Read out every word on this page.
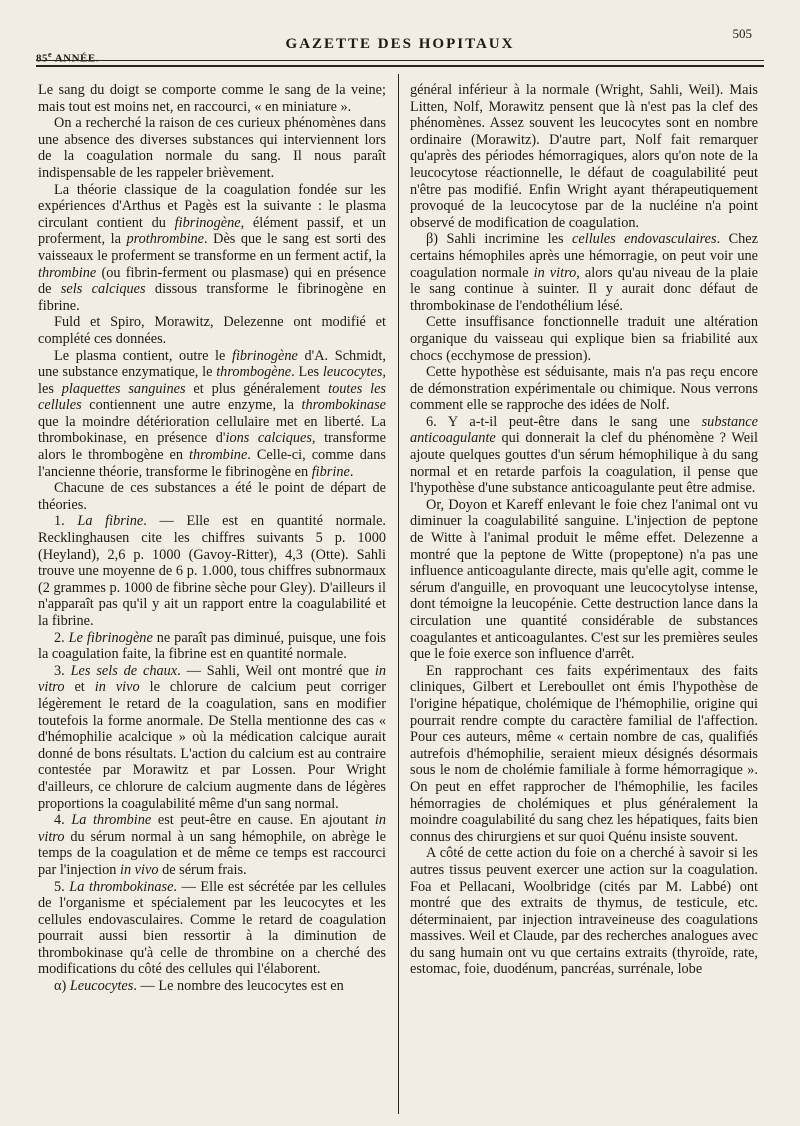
85e ANNÉE.
GAZETTE DES HOPITAUX
505

Le sang du doigt se comporte comme le sang de la veine; mais tout est moins net, en raccourci, « en miniature ».

On a recherché la raison de ces curieux phénomènes dans une absence des diverses substances qui interviennent lors de la coagulation normale du sang. Il nous paraît indispensable de les rappeler brièvement.

La théorie classique de la coagulation fondée sur les expériences d'Arthus et Pagès est la suivante : le plasma circulant contient du fibrinogène, élément passif, et un proferment, la prothrombine. Dès que le sang est sorti des vaisseaux le proferment se transforme en un ferment actif, la thrombine (ou fibrin-ferment ou plasmase) qui en présence de sels calciques dissous transforme le fibrinogène en fibrine.

Fuld et Spiro, Morawitz, Delezenne ont modifié et complété ces données.

Le plasma contient, outre le fibrinogène d'A. Schmidt, une substance enzymatique, le thrombogène. Les leucocytes, les plaquettes sanguines et plus généralement toutes les cellules contiennent une autre enzyme, la thrombokinase que la moindre détérioration cellulaire met en liberté. La thrombokinase, en présence d'ions calciques, transforme alors le thrombogène en thrombine. Celle-ci, comme dans l'ancienne théorie, transforme le fibrinogène en fibrine.

Chacune de ces substances a été le point de départ de théories.

1. La fibrine. — Elle est en quantité normale. Recklinghausen cite les chiffres suivants 5 p. 1000 (Heyland), 2,6 p. 1000 (Gavoy-Ritter), 4,3 (Otte). Sahli trouve une moyenne de 6 p. 1.000, tous chiffres subnormaux (2 grammes p. 1000 de fibrine sèche pour Gley). D'ailleurs il n'apparaît pas qu'il y ait un rapport entre la coagulabilité et la fibrine.

2. Le fibrinogène ne paraît pas diminué, puisque, une fois la coagulation faite, la fibrine est en quantité normale.

3. Les sels de chaux. — Sahli, Weil ont montré que in vitro et in vivo le chlorure de calcium peut corriger légèrement le retard de la coagulation, sans en modifier toutefois la forme anormale. De Stella mentionne des cas « d'hémophilie acalcique » où la médication calcique aurait donné de bons résultats. L'action du calcium est au contraire contestée par Morawitz et par Lossen. Pour Wright d'ailleurs, ce chlorure de calcium augmente dans de légères proportions la coagulabilité même d'un sang normal.

4. La thrombine est peut-être en cause. En ajoutant in vitro du sérum normal à un sang hémophile, on abrège le temps de la coagulation et de même ce temps est raccourci par l'injection in vivo de sérum frais.

5. La thrombokinase. — Elle est sécrétée par les cellules de l'organisme et spécialement par les leucocytes et les cellules endovasculaires. Comme le retard de coagulation pourrait aussi bien ressortir à la diminution de thrombokinase qu'à celle de thrombine on a cherché des modifications du côté des cellules qui l'élaborent.

α) Leucocytes. — Le nombre des leucocytes est en

général inférieur à la normale (Wright, Sahli, Weil). Mais Litten, Nolf, Morawitz pensent que là n'est pas la clef des phénomènes. Assez souvent les leucocytes sont en nombre ordinaire (Morawitz). D'autre part, Nolf fait remarquer qu'après des périodes hémorragiques, alors qu'on note de la leucocytose réactionnelle, le défaut de coagulabilité peut n'être pas modifié. Enfin Wright ayant thérapeutiquement provoqué de la leucocytose par de la nucléine n'a point observé de modification de coagulation.

β) Sahli incrimine les cellules endovasculaires. Chez certains hémophiles après une hémorragie, on peut voir une coagulation normale in vitro, alors qu'au niveau de la plaie le sang continue à suinter. Il y aurait donc défaut de thrombokinase de l'endothélium lésé.

Cette insuffisance fonctionnelle traduit une altération organique du vaisseau qui explique bien sa friabilité aux chocs (ecchymose de pression).

Cette hypothèse est séduisante, mais n'a pas reçu encore de démonstration expérimentale ou chimique. Nous verrons comment elle se rapproche des idées de Nolf.

6. Y a-t-il peut-être dans le sang une substance anticoagulante qui donnerait la clef du phénomène ? Weil ajoute quelques gouttes d'un sérum hémophilique à du sang normal et en retarde parfois la coagulation, il pense que l'hypothèse d'une substance anticoagulante peut être admise.

Or, Doyon et Kareff enlevant le foie chez l'animal ont vu diminuer la coagulabilité sanguine. L'injection de peptone de Witte à l'animal produit le même effet. Delezenne a montré que la peptone de Witte (propeptone) n'a pas une influence anticoagulante directe, mais qu'elle agit, comme le sérum d'anguille, en provoquant une leucocytolyse intense, dont témoigne la leucopénie. Cette destruction lance dans la circulation une quantité considérable de substances coagulantes et anticoagulantes. C'est sur les premières seules que le foie exerce son influence d'arrêt.

En rapprochant ces faits expérimentaux des faits cliniques, Gilbert et Lereboullet ont émis l'hypothèse de l'origine hépatique, cholémique de l'hémophilie, origine qui pourrait rendre compte du caractère familial de l'affection. Pour ces auteurs, même « certain nombre de cas, qualifiés autrefois d'hémophilie, seraient mieux désignés désormais sous le nom de cholémie familiale à forme hémorragique ». On peut en effet rapprocher de l'hémophilie, les faciles hémorragies de cholémiques et plus généralement la moindre coagulabilité du sang chez les hépatiques, faits bien connus des chirurgiens et sur quoi Quénu insiste souvent.

A côté de cette action du foie on a cherché à savoir si les autres tissus peuvent exercer une action sur la coagulation. Foa et Pellacani, Woolbridge (cités par M. Labbé) ont montré que des extraits de thymus, de testicule, etc. déterminaient, par injection intraveineuse des coagulations massives. Weil et Claude, par des recherches analogues avec du sang humain ont vu que certains extraits (thyroïde, rate, estomac, foie, duodénum, pancréas, surrénale, lobe
